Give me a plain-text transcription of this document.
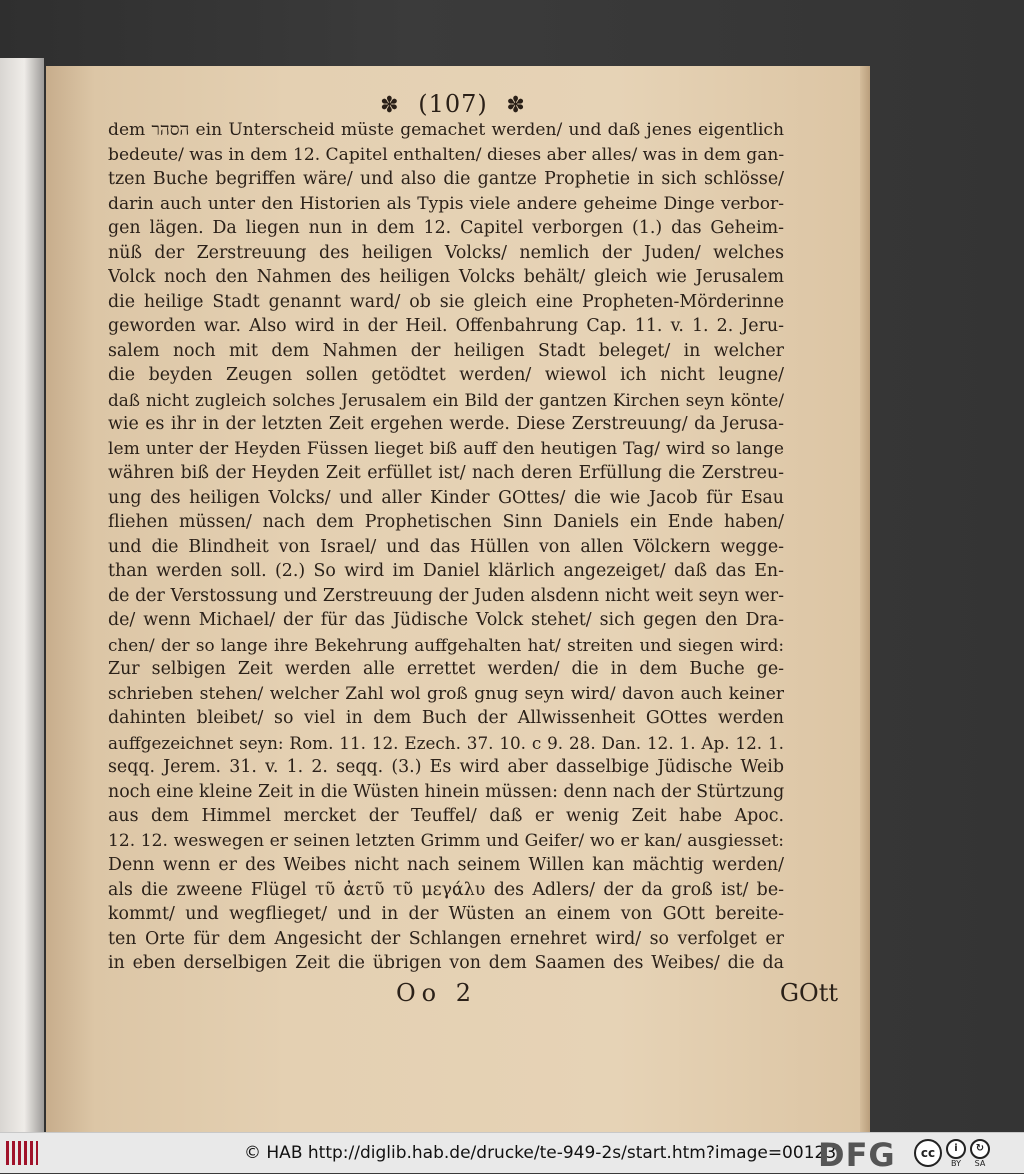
✽ (107) ✽
dem הסהר ein Unterscheid müste gemachet werden/ und daß jenes eigentlich
bedeute/ was in dem 12. Capitel enthalten/ dieses aber alles/ was in dem gan-
tzen Buche begriffen wäre/ und also die gantze Prophetie in sich schlösse/
darin auch unter den Historien als Typis viele andere geheime Dinge verbor-
gen lägen. Da liegen nun in dem 12. Capitel verborgen (1.) das Geheim-
nüß der Zerstreuung des heiligen Volcks/ nemlich der Juden/ welches
Volck noch den Nahmen des heiligen Volcks behält/ gleich wie Jerusalem
die heilige Stadt genannt ward/ ob sie gleich eine Propheten-Mörderinne
geworden war. Also wird in der Heil. Offenbahrung Cap. 11. v. 1. 2. Jeru-
salem noch mit dem Nahmen der heiligen Stadt beleget/ in welcher
die beyden Zeugen sollen getödtet werden/ wiewol ich nicht leugne/
daß nicht zugleich solches Jerusalem ein Bild der gantzen Kirchen seyn könte/
wie es ihr in der letzten Zeit ergehen werde. Diese Zerstreuung/ da Jerusa-
lem unter der Heyden Füssen lieget biß auff den heutigen Tag/ wird so lange
währen biß der Heyden Zeit erfüllet ist/ nach deren Erfüllung die Zerstreu-
ung des heiligen Volcks/ und aller Kinder GOttes/ die wie Jacob für Esau
fliehen müssen/ nach dem Prophetischen Sinn Daniels ein Ende haben/
und die Blindheit von Israel/ und das Hüllen von allen Völckern wegge-
than werden soll. (2.) So wird im Daniel klärlich angezeiget/ daß das En-
de der Verstossung und Zerstreuung der Juden alsdenn nicht weit seyn wer-
de/ wenn Michael/ der für das Jüdische Volck stehet/ sich gegen den Dra-
chen/ der so lange ihre Bekehrung auffgehalten hat/ streiten und siegen wird:
Zur selbigen Zeit werden alle errettet werden/ die in dem Buche ge-
schrieben stehen/ welcher Zahl wol groß gnug seyn wird/ davon auch keiner
dahinten bleibet/ so viel in dem Buch der Allwissenheit GOttes werden
auffgezeichnet seyn: Rom. 11. 12. Ezech. 37. 10. c 9. 28. Dan. 12. 1. Ap. 12. 1.
seqq. Jerem. 31. v. 1. 2. seqq. (3.) Es wird aber dasselbige Jüdische Weib
noch eine kleine Zeit in die Wüsten hinein müssen: denn nach der Stürtzung
aus dem Himmel mercket der Teuffel/ daß er wenig Zeit habe Apoc.
12. 12. weswegen er seinen letzten Grimm und Geifer/ wo er kan/ ausgiesset:
Denn wenn er des Weibes nicht nach seinem Willen kan mächtig werden/
als die zweene Flügel τῦ ἀετῦ τῦ μεγάλυ des Adlers/ der da groß ist/ be-
kommt/ und wegflieget/ und in der Wüsten an einem von GOtt bereite-
ten Orte für dem Angesicht der Schlangen ernehret wird/ so verfolget er
in eben derselbigen Zeit die übrigen von dem Saamen des Weibes/ die da
Oo 2	GOtt
© HAB http://diglib.hab.de/drucke/te-949-2s/start.htm?image=00123
DFG	cc	i
BY
↻
SA
